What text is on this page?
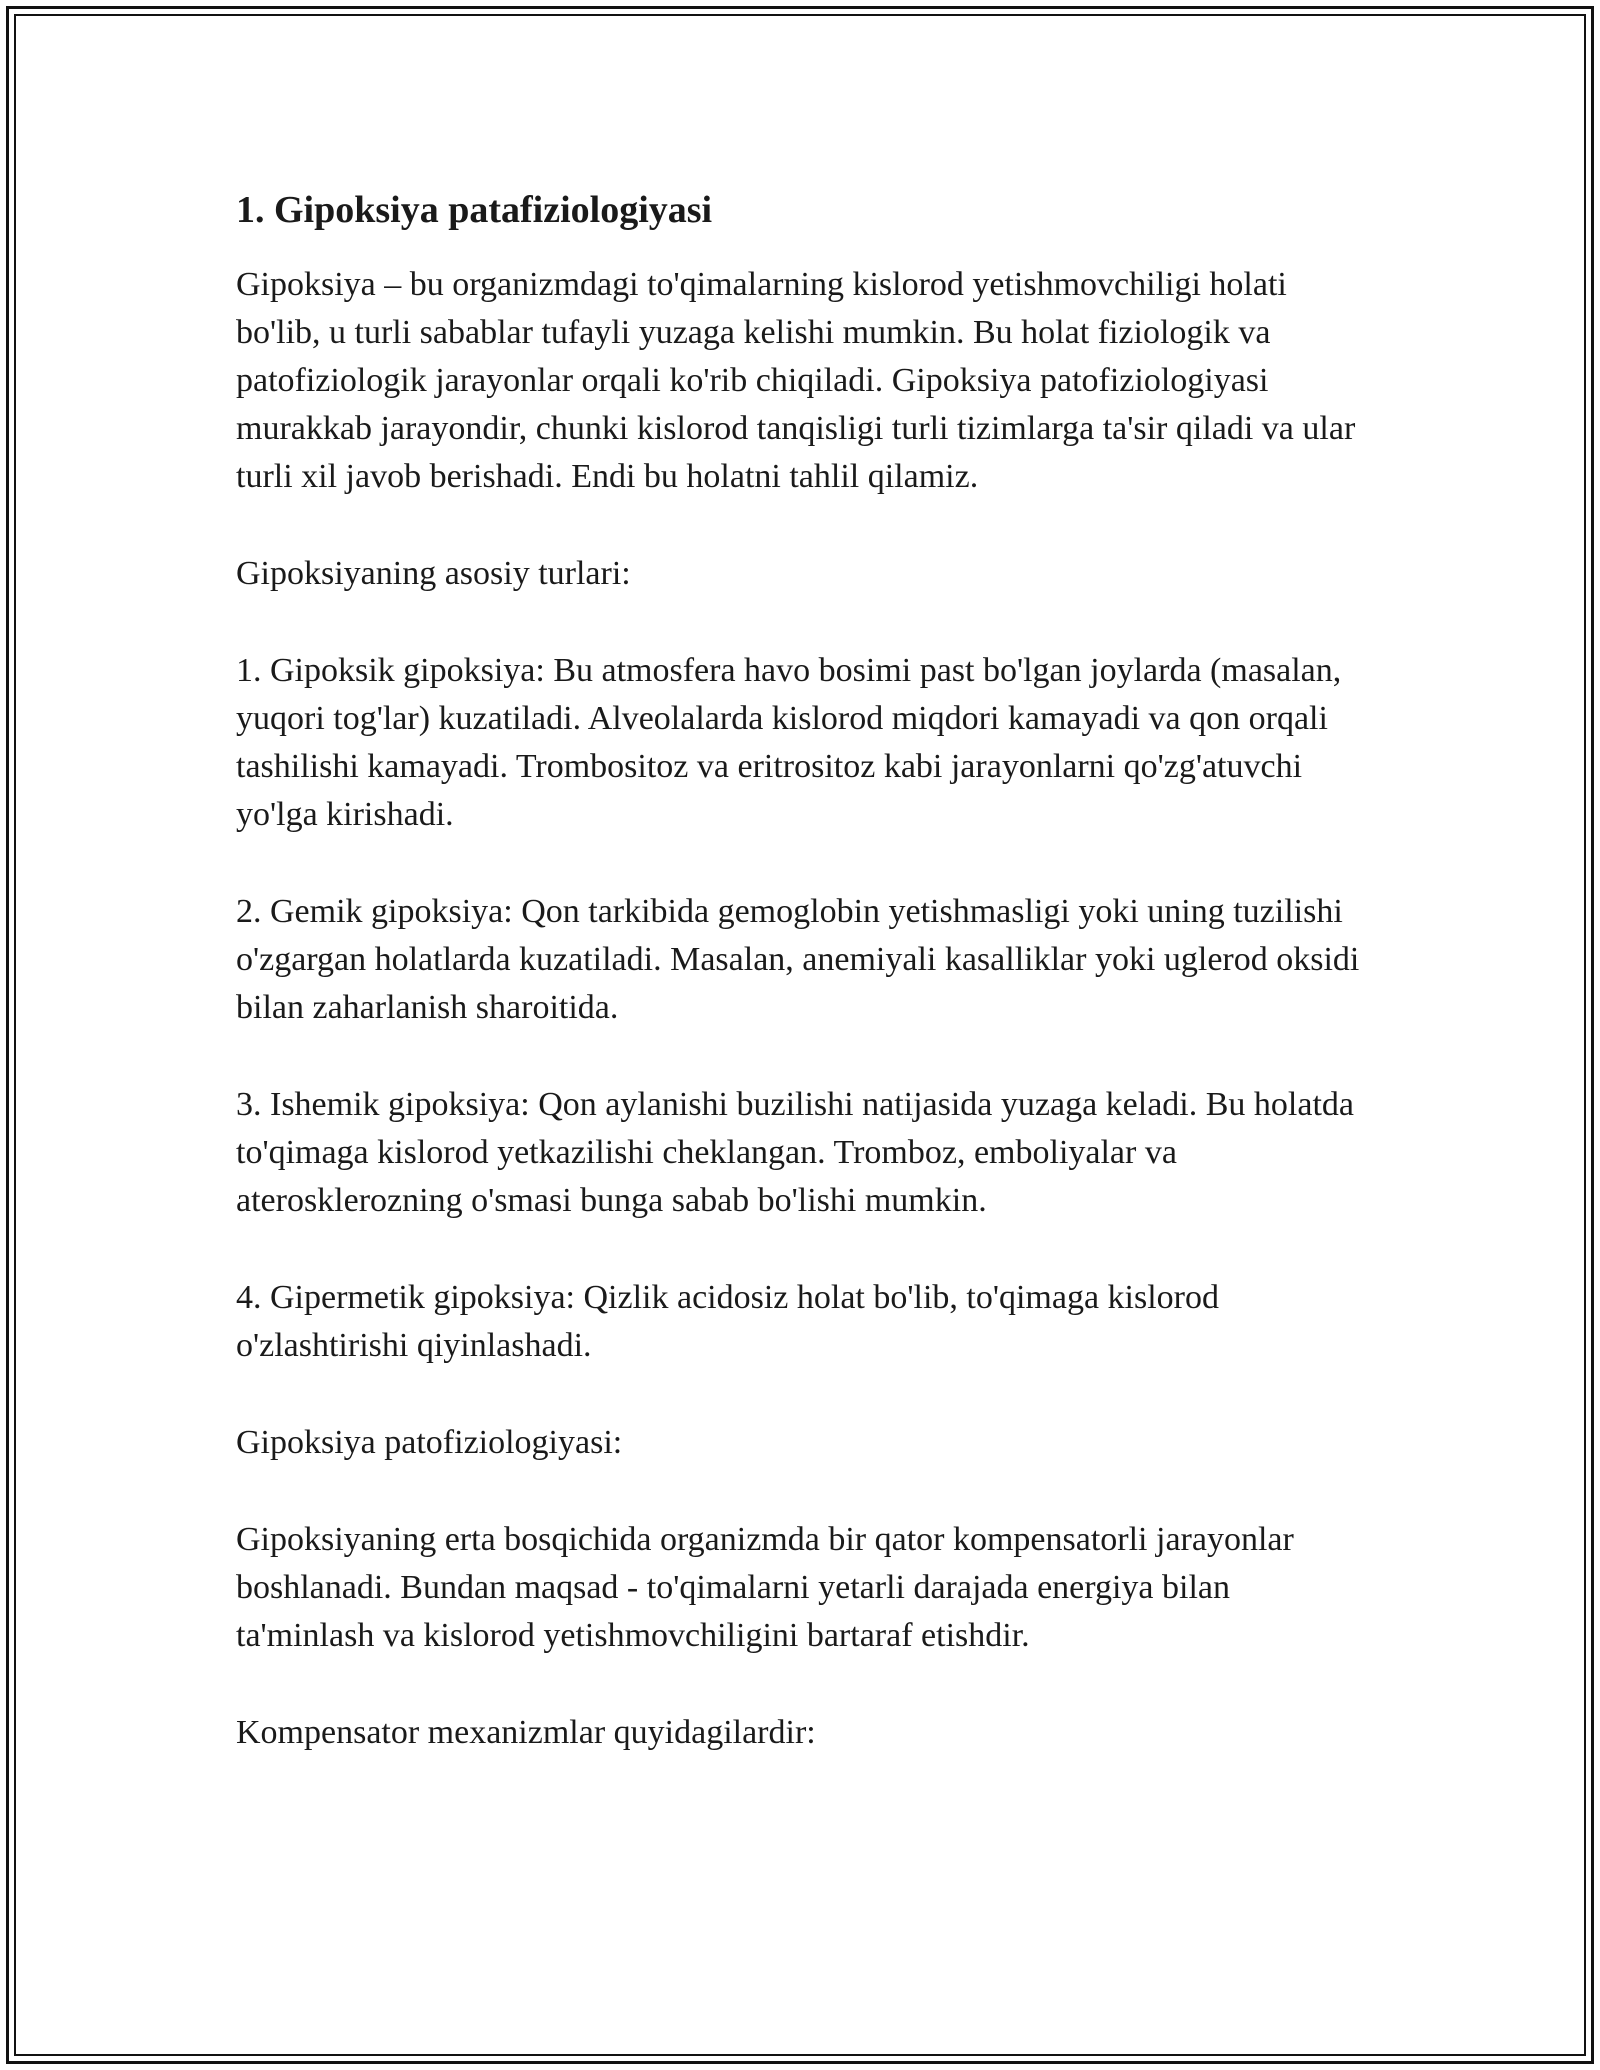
1. Gipoksiya patafiziologiyasi

Gipoksiya – bu organizmdagi to'qimalarning kislorod yetishmovchiligi holati bo'lib, u turli sabablar tufayli yuzaga kelishi mumkin. Bu holat fiziologik va patofiziologik jarayonlar orqali ko'rib chiqiladi. Gipoksiya patofiziologiyasi murakkab jarayondir, chunki kislorod tanqisligi turli tizimlarga ta'sir qiladi va ular turli xil javob berishadi. Endi bu holatni tahlil qilamiz.

Gipoksiyaning asosiy turlari:

1. Gipoksik gipoksiya: Bu atmosfera havo bosimi past bo'lgan joylarda (masalan, yuqori tog'lar) kuzatiladi. Alveolalarda kislorod miqdori kamayadi va qon orqali tashilishi kamayadi. Trombositoz va eritrositoz kabi jarayonlarni qo'zg'atuvchi yo'lga kirishadi.

2. Gemik gipoksiya: Qon tarkibida gemoglobin yetishmasligi yoki uning tuzilishi o'zgargan holatlarda kuzatiladi. Masalan, anemiyali kasalliklar yoki uglerod oksidi bilan zaharlanish sharoitida.

3. Ishemik gipoksiya: Qon aylanishi buzilishi natijasida yuzaga keladi. Bu holatda to'qimaga kislorod yetkazilishi cheklangan. Tromboz, emboliyalar va aterosklerozning o'smasi bunga sabab bo'lishi mumkin.

4. Gipermetik gipoksiya: Qizlik acidosiz holat bo'lib, to'qimaga kislorod o'zlashtirishi qiyinlashadi.

Gipoksiya patofiziologiyasi:

Gipoksiyaning erta bosqichida organizmda bir qator kompensatorli jarayonlar boshlanadi. Bundan maqsad - to'qimalarni yetarli darajada energiya bilan ta'minlash va kislorod yetishmovchiligini bartaraf etishdir.

Kompensator mexanizmlar quyidagilardir:
